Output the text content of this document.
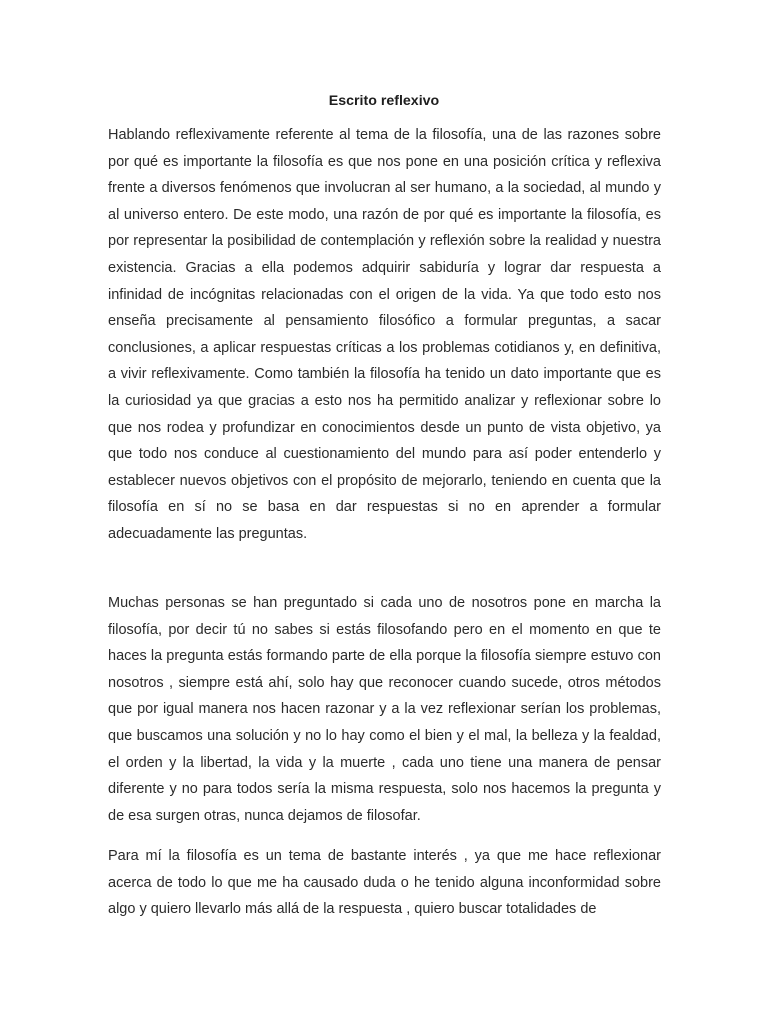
Escrito reflexivo

Hablando reflexivamente referente al tema de la filosofía, una de las razones sobre por qué es importante la filosofía es que nos pone en una posición crítica y reflexiva frente a diversos fenómenos que involucran al ser humano, a la sociedad, al mundo y al universo entero. De este modo, una razón de por qué es importante la filosofía, es por representar la posibilidad de contemplación y reflexión sobre la realidad y nuestra existencia. Gracias a ella podemos adquirir sabiduría y lograr dar respuesta a infinidad de incógnitas relacionadas con el origen de la vida. Ya que todo esto nos enseña precisamente al pensamiento filosófico a formular preguntas, a sacar conclusiones, a aplicar respuestas críticas a los problemas cotidianos y, en definitiva, a vivir reflexivamente. Como también la filosofía ha tenido un dato importante que es la curiosidad ya que gracias a esto nos ha permitido analizar y reflexionar sobre lo que nos rodea y profundizar en conocimientos desde un punto de vista objetivo, ya que todo nos conduce al cuestionamiento del mundo para así poder entenderlo y establecer nuevos objetivos con el propósito de mejorarlo, teniendo en cuenta que la filosofía en sí no se basa en dar respuestas si no en aprender a formular adecuadamente las preguntas.

Muchas personas se han preguntado si cada uno de nosotros pone en marcha la filosofía, por decir tú no sabes si estás filosofando pero en el momento en que te haces la pregunta estás formando parte de ella porque la filosofía siempre estuvo con nosotros , siempre está ahí, solo hay que reconocer cuando sucede, otros métodos que por igual manera nos hacen razonar y a la vez reflexionar serían los problemas, que buscamos una solución y no lo hay como el bien y el mal, la belleza y la fealdad, el orden y la libertad, la vida y la muerte , cada uno tiene una manera de pensar diferente y no para todos sería la misma respuesta, solo nos hacemos la pregunta y de esa surgen otras, nunca dejamos de filosofar.

Para mí la filosofía es un tema de bastante interés , ya que me hace reflexionar acerca de todo lo que me ha causado duda o he tenido alguna inconformidad sobre algo y quiero llevarlo más allá de la respuesta , quiero buscar totalidades de
